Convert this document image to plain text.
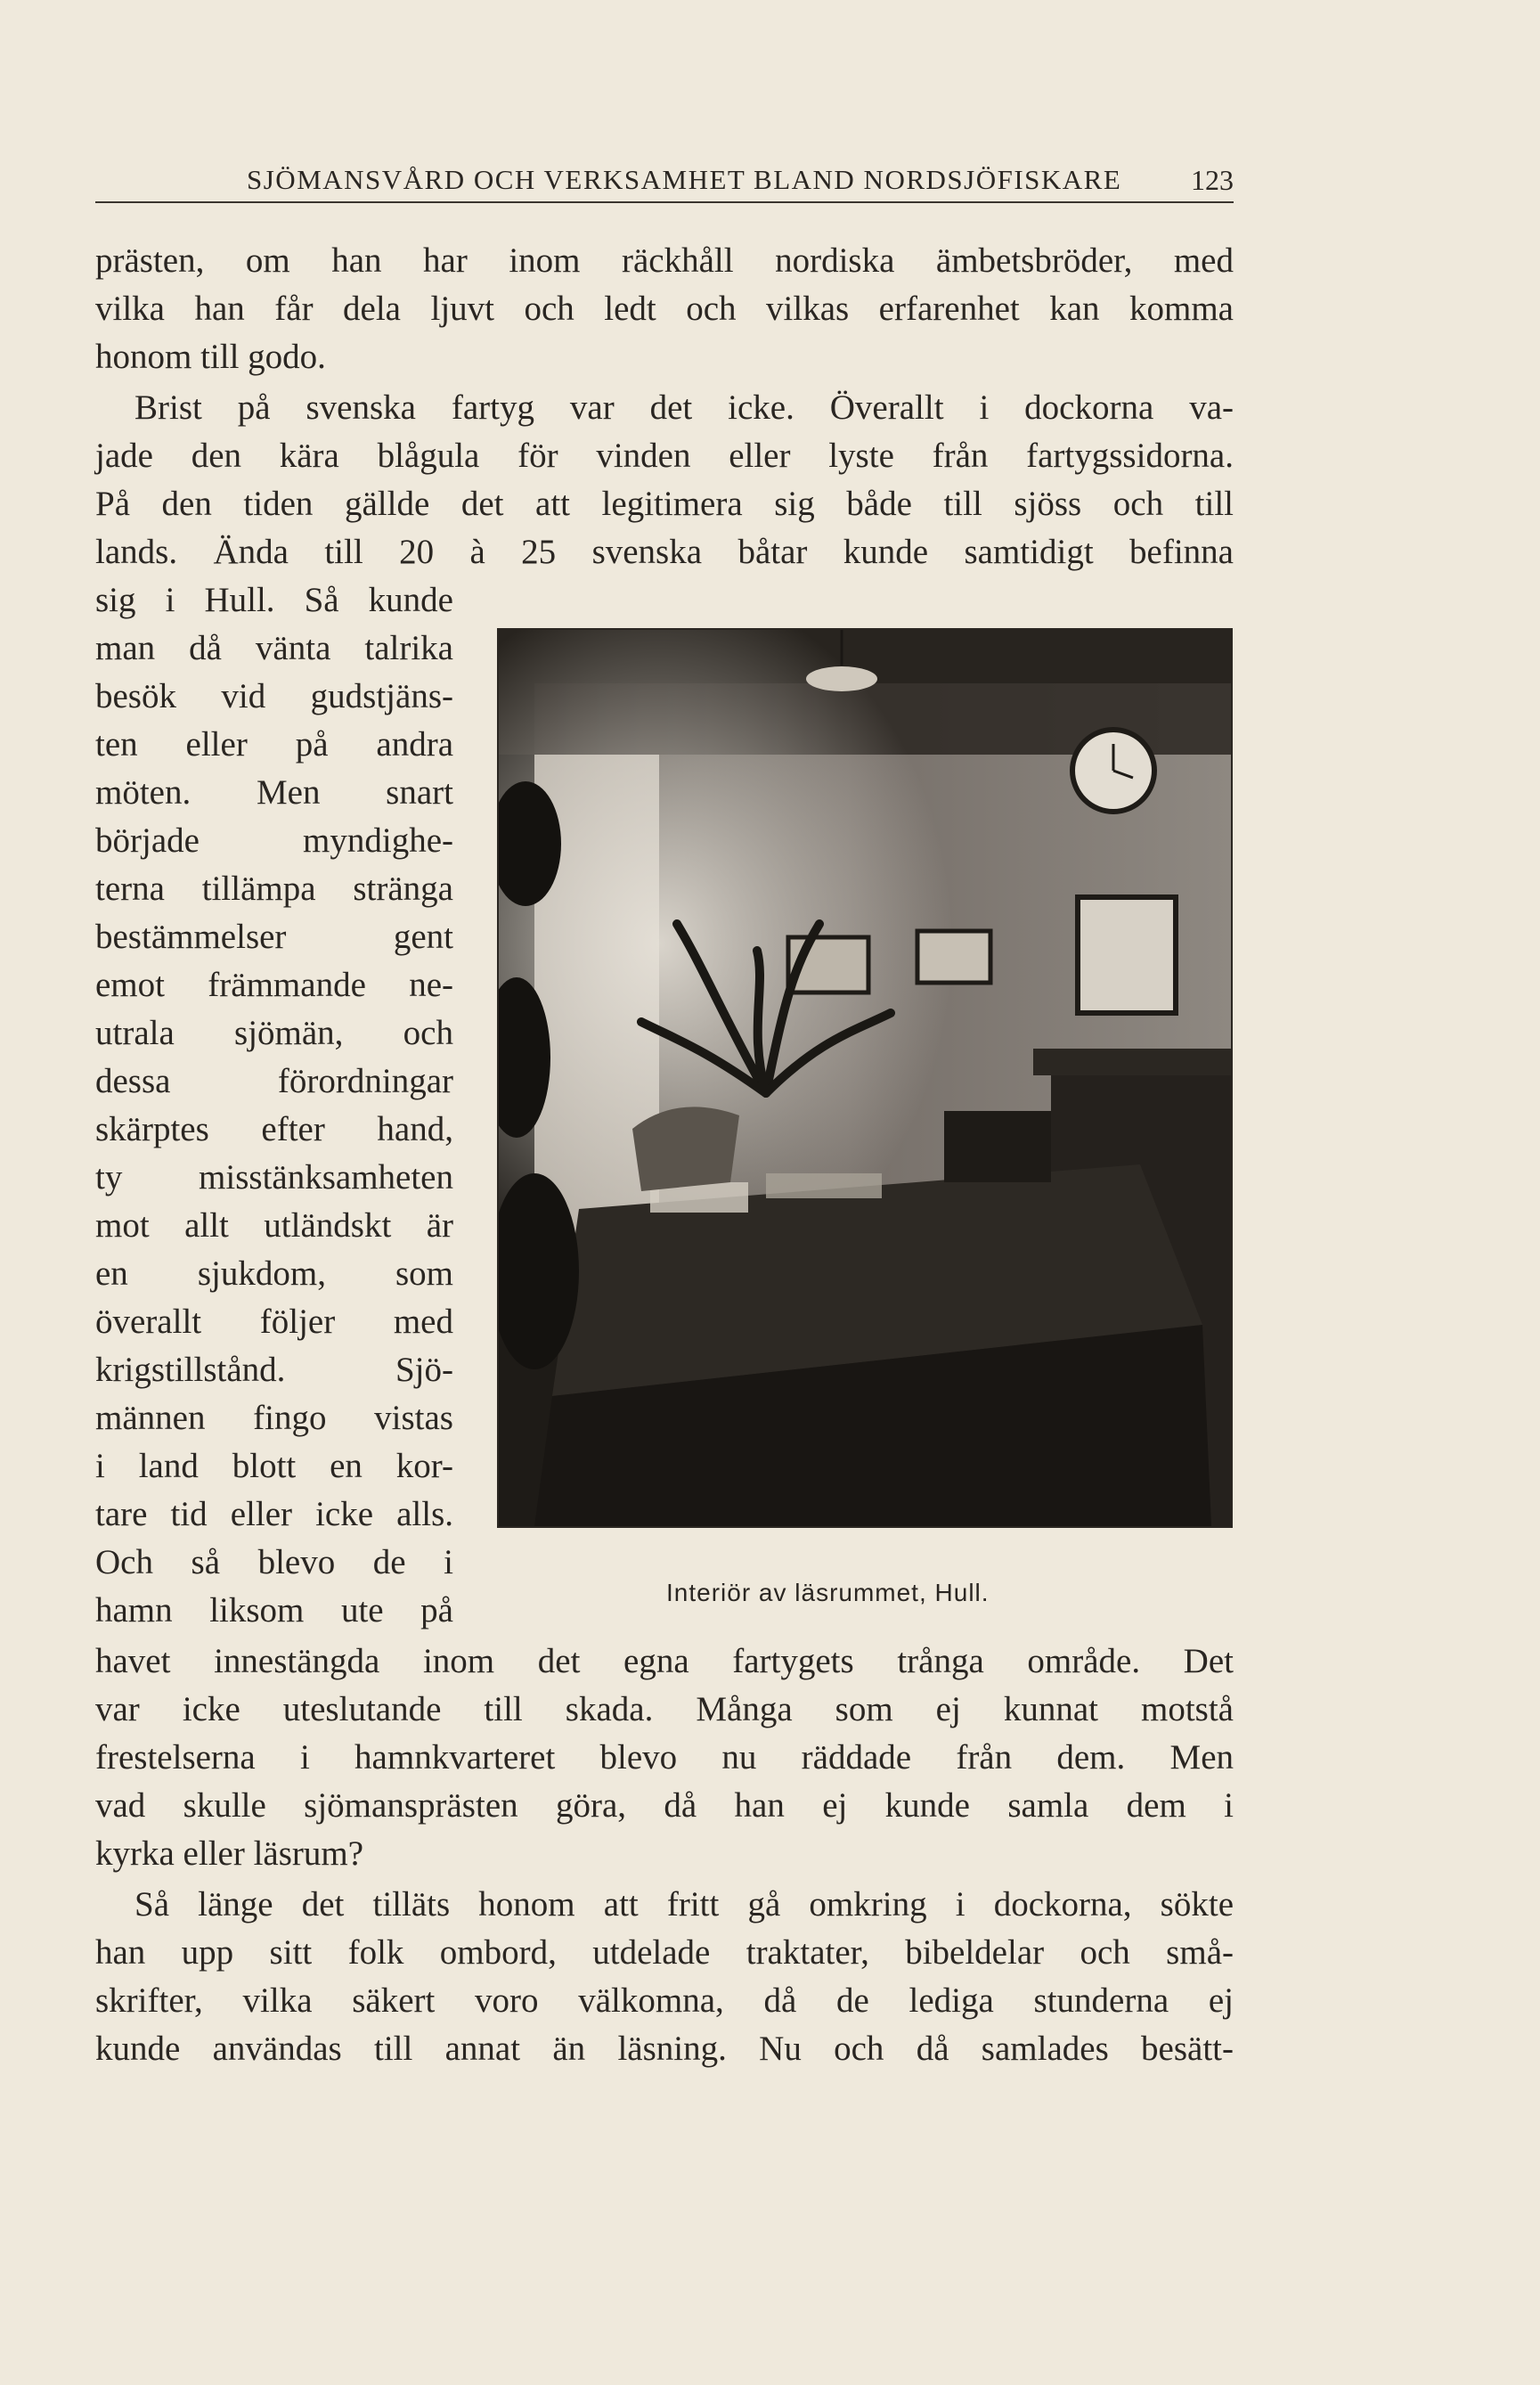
SJÖMANSVÅRD OCH VERKSAMHET BLAND NORDSJÖFISKARE 123
prästen, om han har inom räckhåll nordiska ämbetsbröder, med
vilka han får dela ljuvt och ledt och vilkas erfarenhet kan komma
honom till godo.
Brist på svenska fartyg var det icke. Överallt i dockorna va-
jade den kära blågula för vinden eller lyste från fartygssidorna.
På den tiden gällde det att legitimera sig både till sjöss och till
lands. Ända till 20 à 25 svenska båtar kunde samtidigt befinna
sig i Hull. Så kunde
man då vänta talrika
besök vid gudstjäns-
ten eller på andra
möten. Men snart
började myndighe-
terna tillämpa stränga
bestämmelser gent
emot främmande ne-
utrala sjömän, och
dessa förordningar
skärptes efter hand,
ty misstänksamheten
mot allt utländskt är
en sjukdom, som
överallt följer med
krigstillstånd. Sjö-
männen fingo vistas
i land blott en kor-
tare tid eller icke alls.
Och så blevo de i
hamn liksom ute på	Interiör av läsrummet, Hull.
havet innestängda inom det egna fartygets trånga område. Det
var icke uteslutande till skada. Många som ej kunnat motstå
frestelserna i hamnkvarteret blevo nu räddade från dem. Men
vad skulle sjömansprästen göra, då han ej kunde samla dem i
kyrka eller läsrum?
Så länge det tilläts honom att fritt gå omkring i dockorna, sökte
han upp sitt folk ombord, utdelade traktater, bibeldelar och små-
skrifter, vilka säkert voro välkomna, då de lediga stunderna ej
kunde användas till annat än läsning. Nu och då samlades besätt-
